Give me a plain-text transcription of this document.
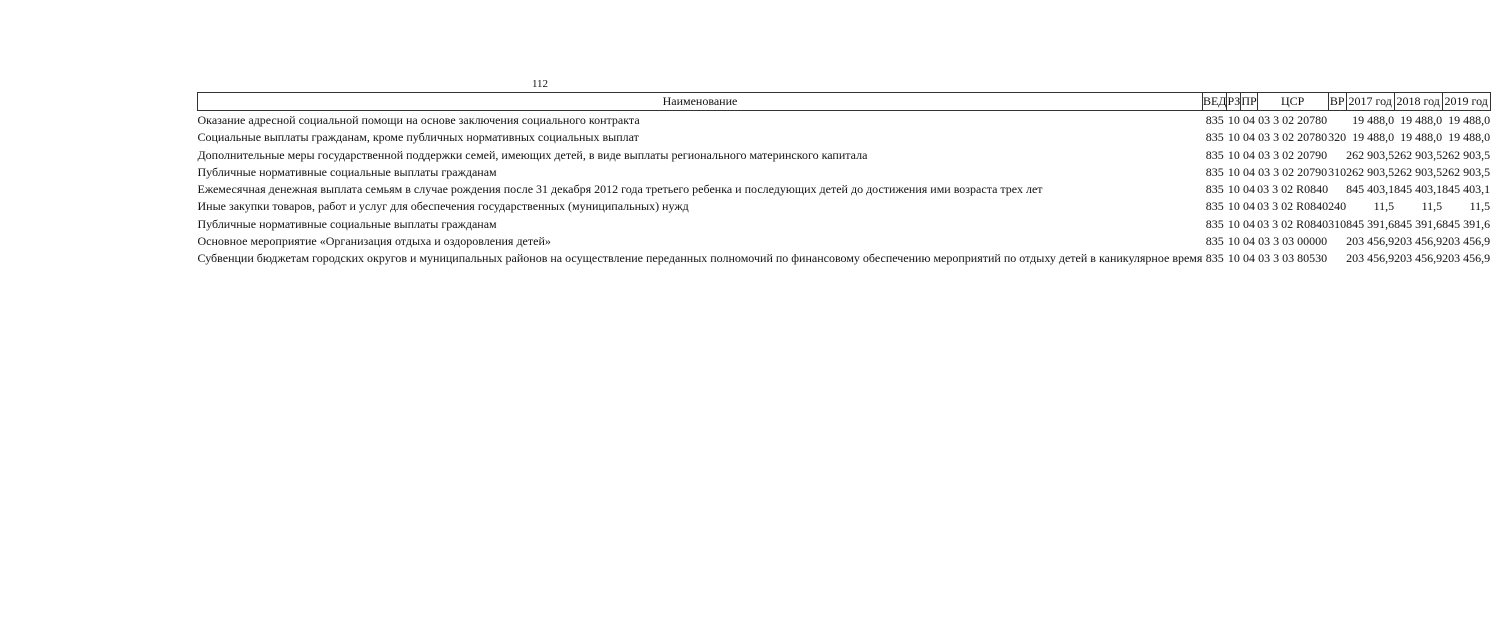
112
Наименование	ВЕД	РЗ	ПР	ЦСР	ВР	2017 год	2018 год	2019 год
Оказание адресной социальной помощи на основе заключения социального контракта	835	10	04	03 3 02 20780		19 488,0	19 488,0	19 488,0
Социальные выплаты гражданам, кроме публичных нормативных социальных выплат	835	10	04	03 3 02 20780	320	19 488,0	19 488,0	19 488,0
Дополнительные меры государственной поддержки семей, имеющих детей, в виде выплаты регионального материнского капитала	835	10	04	03 3 02 20790		262 903,5	262 903,5	262 903,5
Публичные нормативные социальные выплаты гражданам	835	10	04	03 3 02 20790	310	262 903,5	262 903,5	262 903,5
Ежемесячная денежная выплата семьям в случае рождения после 31 декабря 2012 года третьего ребенка и последующих детей до достижения ими возраста трех лет	835	10	04	03 3 02 R0840		845 403,1	845 403,1	845 403,1
Иные закупки товаров, работ и услуг для обеспечения государственных (муниципальных) нужд	835	10	04	03 3 02 R0840	240	11,5	11,5	11,5
Публичные нормативные социальные выплаты гражданам	835	10	04	03 3 02 R0840	310	845 391,6	845 391,6	845 391,6
Основное мероприятие «Организация отдыха и оздоровления детей»	835	10	04	03 3 03 00000		203 456,9	203 456,9	203 456,9
Субвенции бюджетам городских округов и муниципальных районов на осуществление переданных полномочий по финансовому обеспечению мероприятий по отдыху детей в каникулярное время	835	10	04	03 3 03 80530		203 456,9	203 456,9	203 456,9
